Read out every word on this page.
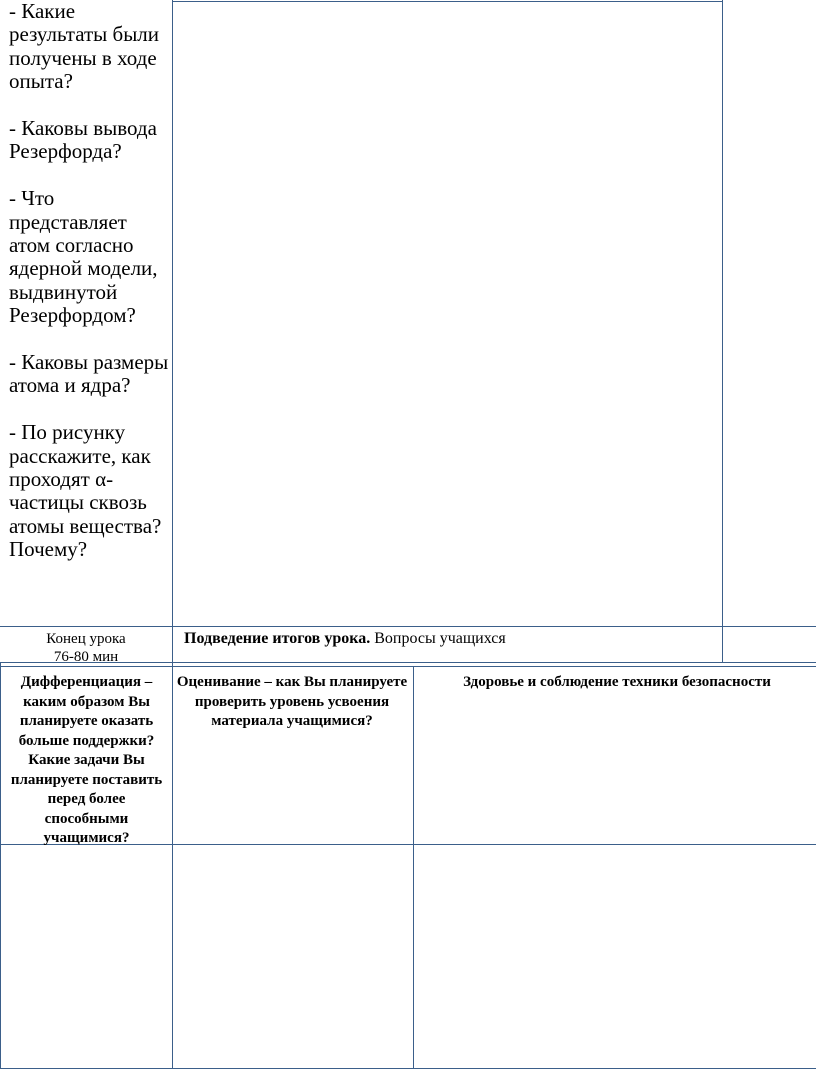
- Какие результаты были получены в ходе опыта?

- Каковы вывода Резерфорда?

- Что представляет атом согласно ядерной модели, выдвинутой Резерфордом?

- Каковы размеры атома и ядра?

- По рисунку расскажите, как проходят α-частицы сквозь атомы вещества? Почему?

Конец урока
76-80 мин
Подведение итогов урока. Вопросы учащихся
Дифференциация – каким образом Вы планируете оказать больше поддержки? Какие задачи Вы планируете поставить перед более способными учащимися?
Оценивание – как Вы планируете проверить уровень усвоения материала учащимися?
Здоровье и соблюдение техники безопасности
